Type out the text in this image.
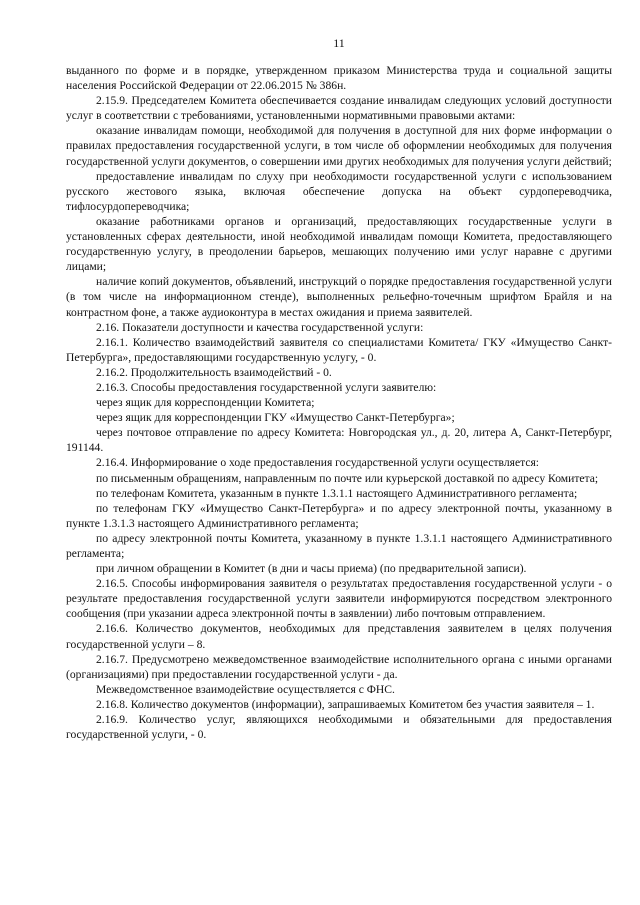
11

выданного по форме и в порядке, утвержденном приказом Министерства труда и социальной защиты населения Российской Федерации от 22.06.2015 № 386н.

2.15.9. Председателем Комитета обеспечивается создание инвалидам следующих условий доступности услуг в соответствии с требованиями, установленными нормативными правовыми актами:

оказание инвалидам помощи, необходимой для получения в доступной для них форме информации о правилах предоставления государственной услуги, в том числе об оформлении необходимых для получения государственной услуги документов, о совершении ими других необходимых для получения услуги действий;

предоставление инвалидам по слуху при необходимости государственной услуги с использованием русского жестового языка, включая обеспечение допуска на объект сурдопереводчика, тифлосурдопереводчика;

оказание работниками органов и организаций, предоставляющих государственные услуги в установленных сферах деятельности, иной необходимой инвалидам помощи Комитета, предоставляющего государственную услугу, в преодолении барьеров, мешающих получению ими услуг наравне с другими лицами;

наличие копий документов, объявлений, инструкций о порядке предоставления государственной услуги (в том числе на информационном стенде), выполненных рельефно-точечным шрифтом Брайля и на контрастном фоне, а также аудиоконтура в местах ожидания и приема заявителей.

2.16. Показатели доступности и качества государственной услуги:

2.16.1. Количество взаимодействий заявителя со специалистами Комитета/ ГКУ «Имущество Санкт-Петербурга», предоставляющими государственную услугу, - 0.

2.16.2. Продолжительность взаимодействий - 0.

2.16.3. Способы предоставления государственной услуги заявителю:

через ящик для корреспонденции Комитета;

через ящик для корреспонденции ГКУ «Имущество Санкт-Петербурга»;

через почтовое отправление по адресу Комитета: Новгородская ул., д. 20, литера А, Санкт-Петербург, 191144.

2.16.4. Информирование о ходе предоставления государственной услуги осуществляется:

по письменным обращениям, направленным по почте или курьерской доставкой по адресу Комитета;

по телефонам Комитета, указанным в пункте 1.3.1.1 настоящего Административного регламента;

по телефонам ГКУ «Имущество Санкт-Петербурга» и по адресу электронной почты, указанному в пункте 1.3.1.3 настоящего Административного регламента;

по адресу электронной почты Комитета, указанному в пункте 1.3.1.1 настоящего Административного регламента;

при личном обращении в Комитет (в дни и часы приема) (по предварительной записи).

2.16.5. Способы информирования заявителя о результатах предоставления государственной услуги - о результате предоставления государственной услуги заявители информируются посредством электронного сообщения (при указании адреса электронной почты в заявлении) либо почтовым отправлением.

2.16.6. Количество документов, необходимых для представления заявителем в целях получения государственной услуги – 8.

2.16.7. Предусмотрено межведомственное взаимодействие исполнительного органа с иными органами (организациями) при предоставлении государственной услуги - да.

Межведомственное взаимодействие осуществляется с ФНС.

2.16.8. Количество документов (информации), запрашиваемых Комитетом без участия заявителя – 1.

2.16.9. Количество услуг, являющихся необходимыми и обязательными для предоставления государственной услуги, - 0.
